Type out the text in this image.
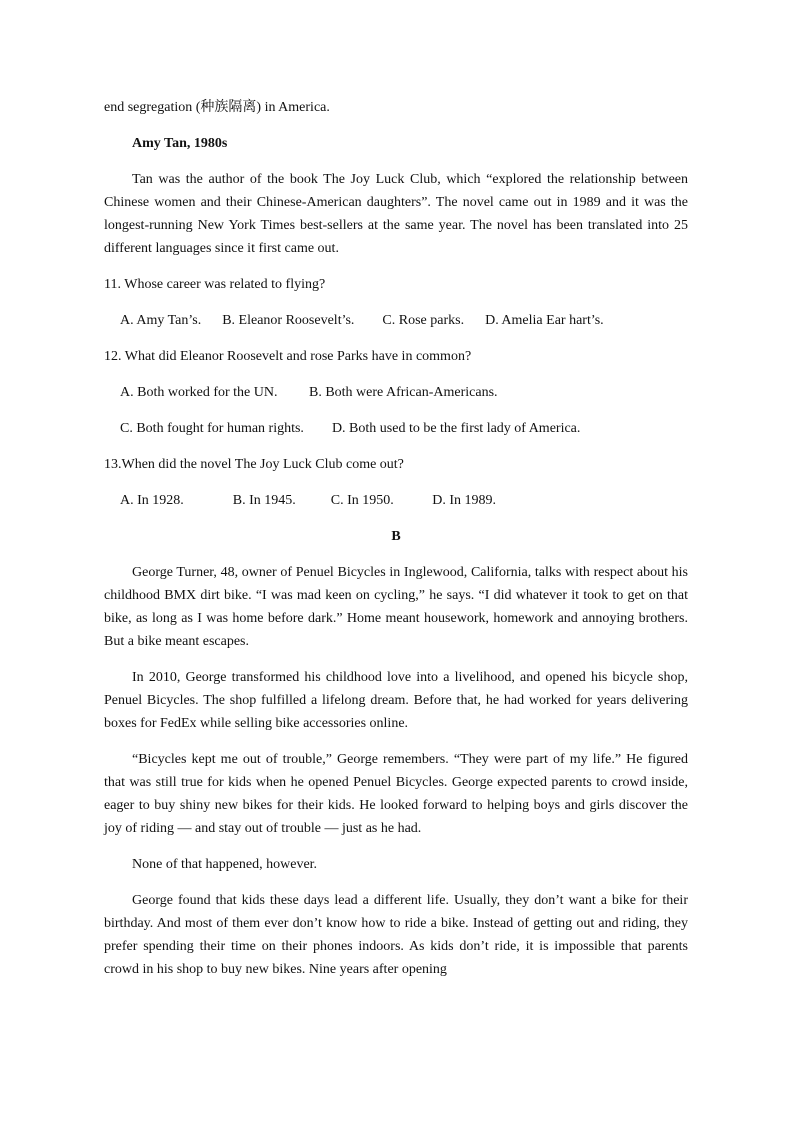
end segregation (种族隔离) in America.

Amy Tan, 1980s

Tan was the author of the book The Joy Luck Club, which “explored the relationship between Chinese women and their Chinese-American daughters”. The novel came out in 1989 and it was the longest-running New York Times best-sellers at the same year. The novel has been translated into 25 different languages since it first came out.

11. Whose career was related to flying?

A. Amy Tan’s. B. Eleanor Roosevelt’s. C. Rose parks. D. Amelia Ear hart’s.

12. What did Eleanor Roosevelt and rose Parks have in common?

A. Both worked for the UN. B. Both were African-Americans.

C. Both fought for human rights. D. Both used to be the first lady of America.

13.When did the novel The Joy Luck Club come out?

A. In 1928.	B. In 1945.	C. In 1950.	D. In 1989.

B

George Turner, 48, owner of Penuel Bicycles in Inglewood, California, talks with respect about his childhood BMX dirt bike. “I was mad keen on cycling,” he says. “I did whatever it took to get on that bike, as long as I was home before dark.” Home meant housework, homework and annoying brothers. But a bike meant escapes.

In 2010, George transformed his childhood love into a livelihood, and opened his bicycle shop, Penuel Bicycles. The shop fulfilled a lifelong dream. Before that, he had worked for years delivering boxes for FedEx while selling bike accessories online.

“Bicycles kept me out of trouble,” George remembers. “They were part of my life.” He figured that was still true for kids when he opened Penuel Bicycles. George expected parents to crowd inside, eager to buy shiny new bikes for their kids. He looked forward to helping boys and girls discover the joy of riding — and stay out of trouble — just as he had.

None of that happened, however.

George found that kids these days lead a different life. Usually, they don’t want a bike for their birthday. And most of them ever don’t know how to ride a bike. Instead of getting out and riding, they prefer spending their time on their phones indoors. As kids don’t ride, it is impossible that parents crowd in his shop to buy new bikes. Nine years after opening
